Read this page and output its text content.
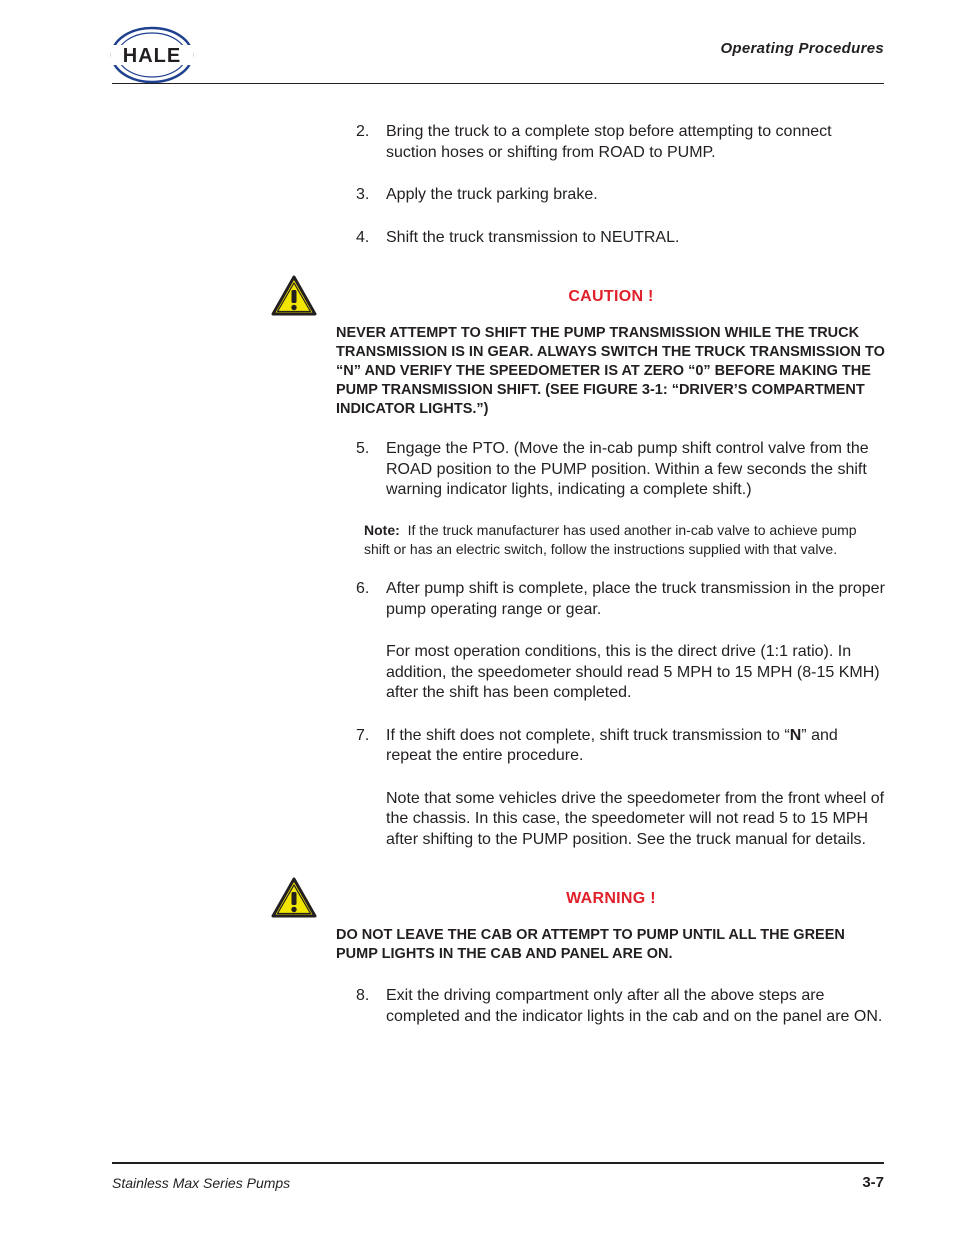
HALE	Operating Procedures
2.	Bring the truck to a complete stop before attempting to connect suction hoses or shifting from ROAD to PUMP.
3.	Apply the truck parking brake.
4.	Shift the truck transmission to NEUTRAL.
CAUTION !
NEVER ATTEMPT TO SHIFT THE PUMP TRANSMISSION WHILE THE TRUCK TRANSMISSION IS IN GEAR. ALWAYS SWITCH THE TRUCK TRANSMISSION TO “N” AND VERIFY THE SPEEDOMETER IS AT ZERO “0” BEFORE MAKING THE PUMP TRANSMISSION SHIFT. (SEE FIGURE 3-1: “DRIVER’S COMPARTMENT INDICATOR LIGHTS.”)
5.	Engage the PTO. (Move the in-cab pump shift control valve from the ROAD position to the PUMP position. Within a few seconds the shift warning indicator lights, indicating a complete shift.)
Note: If the truck manufacturer has used another in-cab valve to achieve pump shift or has an electric switch, follow the instructions supplied with that valve.
6.	After pump shift is complete, place the truck transmission in the proper pump operating range or gear.
For most operation conditions, this is the direct drive (1:1 ratio). In addition, the speedometer should read 5 MPH to 15 MPH (8-15 KMH) after the shift has been completed.
7.	If the shift does not complete, shift truck transmission to “N” and repeat the entire procedure.
Note that some vehicles drive the speedometer from the front wheel of the chassis. In this case, the speedometer will not read 5 to 15 MPH after shifting to the PUMP position. See the truck manual for details.
WARNING !
DO NOT LEAVE THE CAB OR ATTEMPT TO PUMP UNTIL ALL THE GREEN PUMP LIGHTS IN THE CAB AND PANEL ARE ON.
8.	Exit the driving compartment only after all the above steps are completed and the indicator lights in the cab and on the panel are ON.
Stainless Max Series Pumps	3-7
